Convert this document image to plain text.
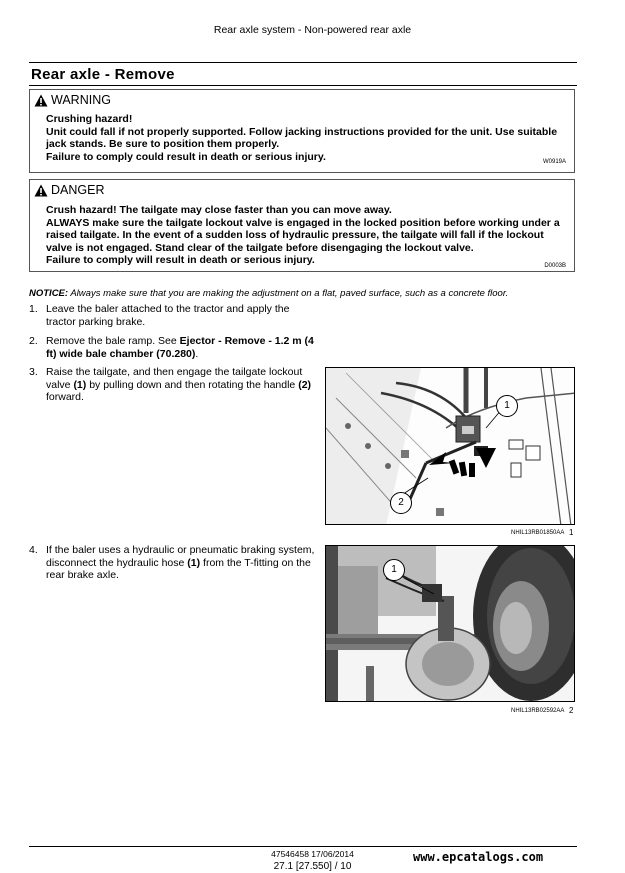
Rear axle system - Non-powered rear axle
Rear axle - Remove
WARNING
Crushing hazard!
Unit could fall if not properly supported. Follow jacking instructions provided for the unit. Use suitable jack stands. Be sure to position them properly.
Failure to comply could result in death or serious injury.	W0919A
DANGER
Crush hazard! The tailgate may close faster than you can move away.
ALWAYS make sure the tailgate lockout valve is engaged in the locked position before working under a raised tailgate. In the event of a sudden loss of hydraulic pressure, the tailgate will fall if the lockout valve is not engaged. Stand clear of the tailgate before disengaging the lockout valve.
Failure to comply will result in death or serious injury.	D0003B
NOTICE: Always make sure that you are making the adjustment on a flat, paved surface, such as a concrete floor.
1. Leave the baler attached to the tractor and apply the tractor parking brake.
2. Remove the bale ramp. See Ejector - Remove - 1.2 m (4 ft) wide bale chamber (70.280).
3. Raise the tailgate, and then engage the tailgate lockout valve (1) by pulling down and then rotating the handle (2) forward.
4. If the baler uses a hydraulic or pneumatic braking system, disconnect the hydraulic hose (1) from the T-fitting on the rear brake axle.
1
2
NHIL13RB01850AA 1
1
NHIL13RB02592AA 2
47546458 17/06/2014
27.1 [27.550] / 10
www.epcatalogs.com
